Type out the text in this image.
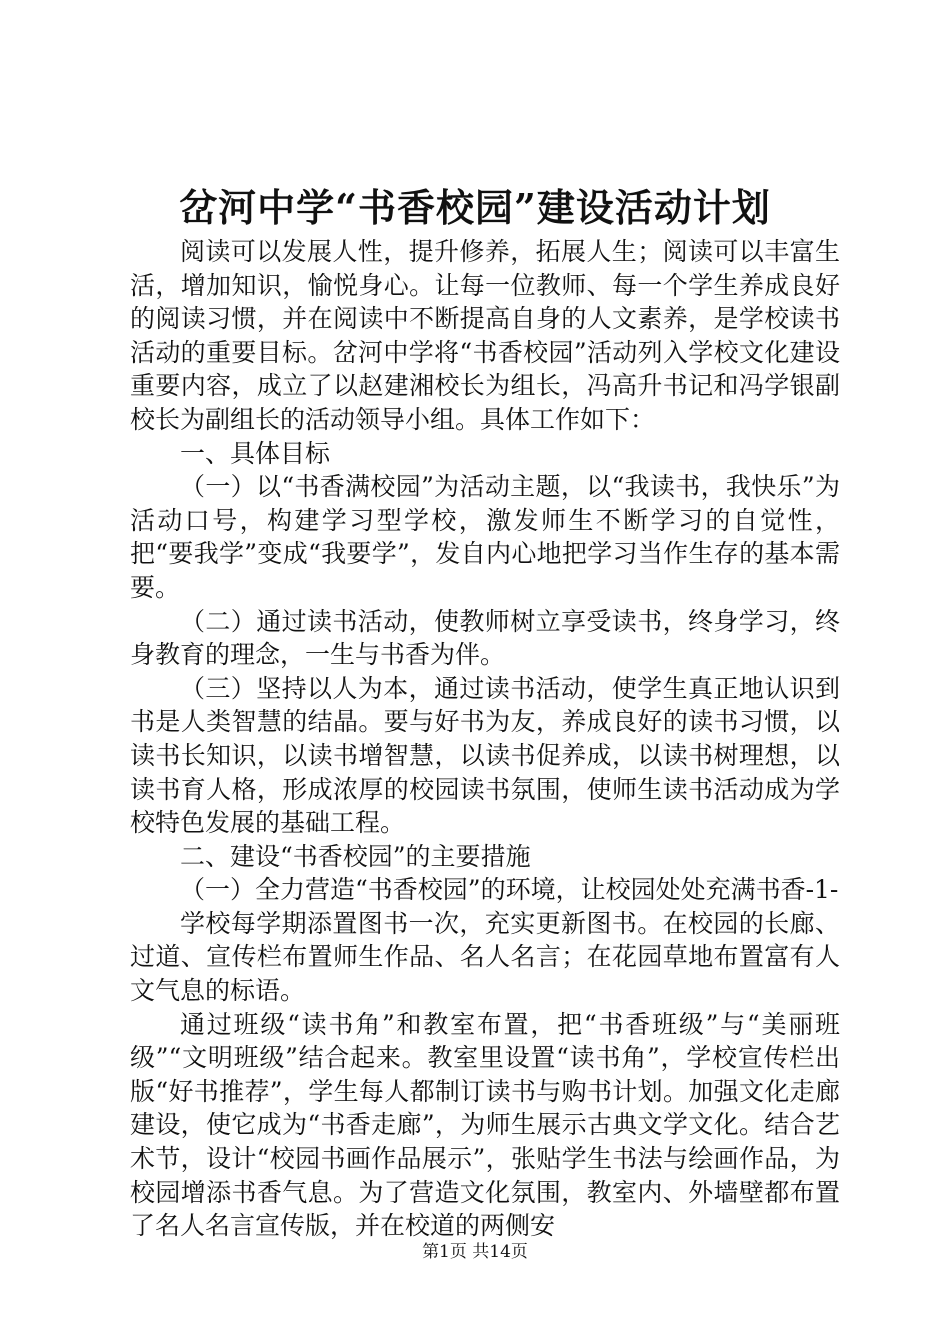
岔河中学“书香校园”建设活动计划

阅读可以发展人性，提升修养，拓展人生；阅读可以丰富生活，增加知识，愉悦身心。让每一位教师、每一个学生养成良好的阅读习惯，并在阅读中不断提高自身的人文素养，是学校读书活动的重要目标。岔河中学将“书香校园”活动列入学校文化建设重要内容，成立了以赵建湘校长为组长，冯高升书记和冯学银副校长为副组长的活动领导小组。具体工作如下：

一、具体目标

（一）以“书香满校园”为活动主题，以“我读书，我快乐”为活动口号，构建学习型学校，激发师生不断学习的自觉性，把“要我学”变成“我要学”，发自内心地把学习当作生存的基本需要。

（二）通过读书活动，使教师树立享受读书，终身学习，终身教育的理念，一生与书香为伴。

（三）坚持以人为本，通过读书活动，使学生真正地认识到书是人类智慧的结晶。要与好书为友，养成良好的读书习惯，以读书长知识，以读书增智慧，以读书促养成，以读书树理想，以读书育人格，形成浓厚的校园读书氛围，使师生读书活动成为学校特色发展的基础工程。

二、建设“书香校园”的主要措施

（一）全力营造“书香校园”的环境，让校园处处充满书香-1-

学校每学期添置图书一次，充实更新图书。在校园的长廊、过道、宣传栏布置师生作品、名人名言；在花园草地布置富有人文气息的标语。

通过班级“读书角”和教室布置，把“书香班级”与“美丽班级”“文明班级”结合起来。教室里设置“读书角”，学校宣传栏出版“好书推荐”，学生每人都制订读书与购书计划。加强文化走廊建设，使它成为“书香走廊”，为师生展示古典文学文化。结合艺术节，设计“校园书画作品展示”，张贴学生书法与绘画作品，为校园增添书香气息。为了营造文化氛围，教室内、外墙壁都布置了名人名言宣传版，并在校道的两侧安

第1页 共14页
